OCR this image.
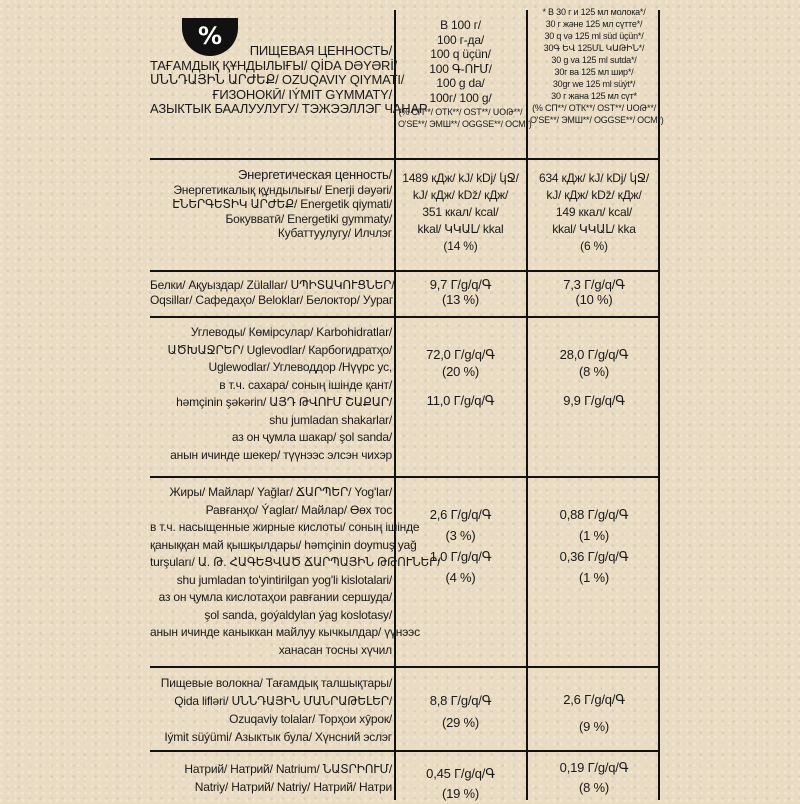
ПИЩЕВАЯ ЦЕННОСТЬ/
ТАҒАМДЫҚ ҚҰНДЫЛЫҒЫ/ QİDA DƏYƏRİ/
ՍՆՆԴԱՅԻՆ ԱՐԺԵՔ/ OZUQAVIY QIYMATI/
ҒИЗОНОКӢ/ IÝMIT GYMMATY/
АЗЫКТЫК БААЛУУЛУГУ/ ТЭЖЭЭЛЛЭГ ЧАНАР
В 100 г/
100 г-да/
100 q üçün/
100 Գ-ՈՒՄ/
100 g da/
100г/ 100 g/
(% СП**/ ОТК**/ OST**/ ՍՕԹ**/
O'SE**/ ЭМШ**/ OGGSE**/ ОСМ*)
* В 30 г и 125 мл молока*/
30 г және 125 мл сүтте*/
30 q və 125 ml süd üçün*/
30Գ ԵՎ 125ՄԼ ԿԱԹԻՆ*/
30 g va 125 ml sutda*/
30г ва 125 мл шир*/
30gr we 125 ml süýt*/
30 г жана 125 мл сүт*
(% СП**/ ОТК**/ OST**/ ՍՕԹ**/
O'SE**/ ЭМШ**/ OGGSE**/ ОСМ*)
Энергетическая ценность/
Энергетикалық құндылығы/ Enerji dəyəri/
ԷՆԵՐԳԵՏԻԿ ԱՐԺԵՔ/ Energetik qiymati/
Бокувватӣ/ Energetiki gymmaty/
Кубаттуулугу/ Илчлэг
1489 кДж/ kJ/ kDj/ կՋ/
kJ/ кДж/ kDž/ кДж/
351 ккал/ kcal/
kkal/ ԿԿԱԼ/ kkal
(14 %)
634 кДж/ kJ/ kDj/ կՋ/
kJ/ кДж/ kDž/ кДж/
149 ккал/ kcal/
kkal/ ԿԿԱԼ/ kka
(6 %)
Белки/ Ақуыздар/ Zülallar/ ՍՊԻՏԱԿՈՒՑՆԵՐ/
Oqsillar/ Сафедаҳо/ Beloklar/ Белоктор/ Уураг
9,7 Г/g/q/Գ
(13 %)
7,3 Г/g/q/Գ
(10 %)
Углеводы/ Көмірсулар/ Karbohidratlar/
ԱԾԽԱՋՐԵՐ/ Uglevodlar/ Карбогидратҳо/
Uglewodlar/ Углеводдор /Нүүрс ус,
в т.ч. сахара/ соның ішінде қант/
həmçinin şəkərin/ ԱՅԴ ԹՎՈՒՄ ՇԱՔԱՐ/
shu jumladan shakarlar/
аз он ҷумла шакар/ şol sanda/
анын ичинде шекер/ түүнээс элсэн чихэр
72,0 Г/g/q/Գ
(20 %)
11,0 Г/g/q/Գ
28,0 Г/g/q/Գ
(8 %)
9,9 Г/g/q/Գ
Жиры/ Майлар/ Yağlar/ ՃԱՐՊԵՐ/ Yog'lar/
Равғанҳо/ Ýaglar/ Майлар/ Өөх тос
в т.ч. насыщенные жирные кислоты/ соның ішінде
қаныққан май қышқылдары/ həmçinin doymuş yağ
turşuları/ Ա. Թ. ՀԱԳԵՑՎԱԾ ՃԱՐՊԱՅԻՆ ԹԹՈՒՆԵՐ/
shu jumladan to'yintirilgan yog'li kislotalari/
аз он ҷумла кислотаҳои равғании сершуда/
şol sanda, goýaldylan ýag koslotasy/
анын ичинде каныккан майлуу кычкылдар/ үүнээс
ханасан тосны хүчил
2,6 Г/g/q/Գ
(3 %)
1,0 Г/g/q/Գ
(4 %)
0,88 Г/g/q/Գ
(1 %)
0,36 Г/g/q/Գ
(1 %)
Пищевые волокна/ Тағамдық талшықтары/
Qida lifləri/ ՍՆՆԴԱՅԻՆ ՄԱՆՐԱԹԵԼԵՐ/
Ozuqaviy tolalar/ Торҳои хӯрок/
Iýmit süýümi/ Азыктык була/ Хүнсний эслэг
8,8 Г/g/q/Գ
(29 %)
2,6 Г/g/q/Գ
(9 %)
Натрий/ Натрий/ Natrium/ ՆԱՏՐԻՈՒՄ/
Natriy/ Натрий/ Natriy/ Натрий/ Натри
0,45 Г/g/q/Գ
(19 %)
0,19 Г/g/q/Գ
(8 %)
%
